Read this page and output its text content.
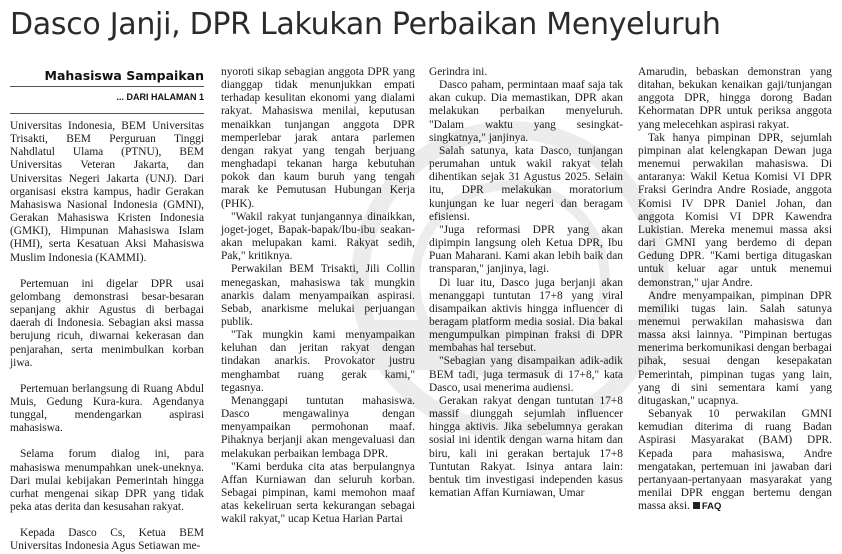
Dasco Janji, DPR Lakukan Perbaikan Menyeluruh
Mahasiswa Sampaikan
... DARI HALAMAN 1

Universitas Indonesia, BEM Universitas Trisakti, BEM Perguruan Tinggi Nahdlatul Ulama (PTNU), BEM Universitas Veteran Jakarta, dan Universitas Negeri Jakarta (UNJ). Dari organisasi ekstra kampus, hadir Gerakan Mahasiswa Nasional Indonesia (GMNI), Gerakan Mahasiswa Kristen Indonesia (GMKI), Himpunan Mahasiswa Islam (HMI), serta Kesatuan Aksi Mahasiswa Muslim Indonesia (KAMMI).

Pertemuan ini digelar DPR usai gelombang demonstrasi besar-besaran sepanjang akhir Agustus di berbagai daerah di Indonesia. Sebagian aksi massa berujung ricuh, diwarnai kekerasan dan penjarahan, serta menimbulkan korban jiwa.

Pertemuan berlangsung di Ruang Abdul Muis, Gedung Kura-kura. Agendanya tunggal, mendengarkan aspirasi mahasiswa.

Selama forum dialog ini, para mahasiswa menumpahkan unek-uneknya. Dari mulai kebijakan Pemerintah hingga curhat mengenai sikap DPR yang tidak peka atas derita dan kesusahan rakyat.

Kepada Dasco Cs, Ketua BEM Universitas Indonesia Agus Setiawan me-

nyoroti sikap sebagian anggota DPR yang dianggap tidak menunjukkan empati terhadap kesulitan ekonomi yang dialami rakyat. Mahasiswa menilai, keputusan menaikkan tunjangan anggota DPR memperlebar jarak antara parlemen dengan rakyat yang tengah berjuang menghadapi tekanan harga kebutuhan pokok dan kaum buruh yang tengah marak ke Pemutusan Hubungan Kerja (PHK).

"Wakil rakyat tunjangannya dinaikkan, joget-joget, Bapak-bapak/Ibu-ibu seakan-akan melupakan kami. Rakyat sedih, Pak," kritiknya.

Perwakilan BEM Trisakti, Jili Collin menegaskan, mahasiswa tak mungkin anarkis dalam menyampaikan aspirasi. Sebab, anarkisme melukai perjuangan publik.

"Tak mungkin kami menyampaikan keluhan dan jeritan rakyat dengan tindakan anarkis. Provokator justru menghambat ruang gerak kami," tegasnya.

Menanggapi tuntutan mahasiswa. Dasco mengawalinya dengan menyampaikan permohonan maaf. Pihaknya berjanji akan mengevaluasi dan melakukan perbaikan lembaga DPR.

"Kami berduka cita atas berpulangnya Affan Kurniawan dan seluruh korban. Sebagai pimpinan, kami memohon maaf atas kekeliruan serta kekurangan sebagai wakil rakyat," ucap Ketua Harian Partai

Gerindra ini.

Dasco paham, permintaan maaf saja tak akan cukup. Dia memastikan, DPR akan melakukan perbaikan menyeluruh. "Dalam waktu yang sesingkat-singkatnya," janjinya.

Salah satunya, kata Dasco, tunjangan perumahan untuk wakil rakyat telah dihentikan sejak 31 Agustus 2025. Selain itu, DPR melakukan moratorium kunjungan ke luar negeri dan beragam efisiensi.

"Juga reformasi DPR yang akan dipimpin langsung oleh Ketua DPR, Ibu Puan Maharani. Kami akan lebih baik dan transparan," janjinya, lagi.

Di luar itu, Dasco juga berjanji akan menanggapi tuntutan 17+8 yang viral disampaikan aktivis hingga influencer di beragam platform media sosial. Dia bakal mengumpulkan pimpinan fraksi di DPR membahas hal tersebut.

"Sebagian yang disampaikan adik-adik BEM tadi, juga termasuk di 17+8," kata Dasco, usai menerima audiensi.

Gerakan rakyat dengan tuntutan 17+8 massif diunggah sejumlah influencer hingga aktivis. Jika sebelumnya gerakan sosial ini identik dengan warna hitam dan biru, kali ini gerakan bertajuk 17+8 Tuntutan Rakyat. Isinya antara lain: bentuk tim investigasi independen kasus kematian Affan Kurniawan, Umar

Amarudin, bebaskan demonstran yang ditahan, bekukan kenaikan gaji/tunjangan anggota DPR, hingga dorong Badan Kehormatan DPR untuk periksa anggota yang melecehkan aspirasi rakyat.

Tak hanya pimpinan DPR, sejumlah pimpinan alat kelengkapan Dewan juga menemui perwakilan mahasiswa. Di antaranya: Wakil Ketua Komisi VI DPR Fraksi Gerindra Andre Rosiade, anggota Komisi IV DPR Daniel Johan, dan anggota Komisi VI DPR Kawendra Lukistian. Mereka menemui massa aksi dari GMNI yang berdemo di depan Gedung DPR. "Kami bertiga ditugaskan untuk keluar agar untuk menemui demonstran," ujar Andre.

Andre menyampaikan, pimpinan DPR memiliki tugas lain. Salah satunya menemui perwakilan mahasiswa dan massa aksi lainnya. "Pimpinan bertugas menerima berkomunikasi dengan berbagai pihak, sesuai dengan kesepakatan Pemerintah, pimpinan tugas yang lain, yang di sini sementara kami yang ditugaskan," ucapnya.

Sebanyak 10 perwakilan GMNI kemudian diterima di ruang Badan Aspirasi Masyarakat (BAM) DPR. Kepada para mahasiswa, Andre mengatakan, pertemuan ini jawaban dari pertanyaan-pertanyaan masyarakat yang menilai DPR enggan bertemu dengan massa aksi. FAQ
